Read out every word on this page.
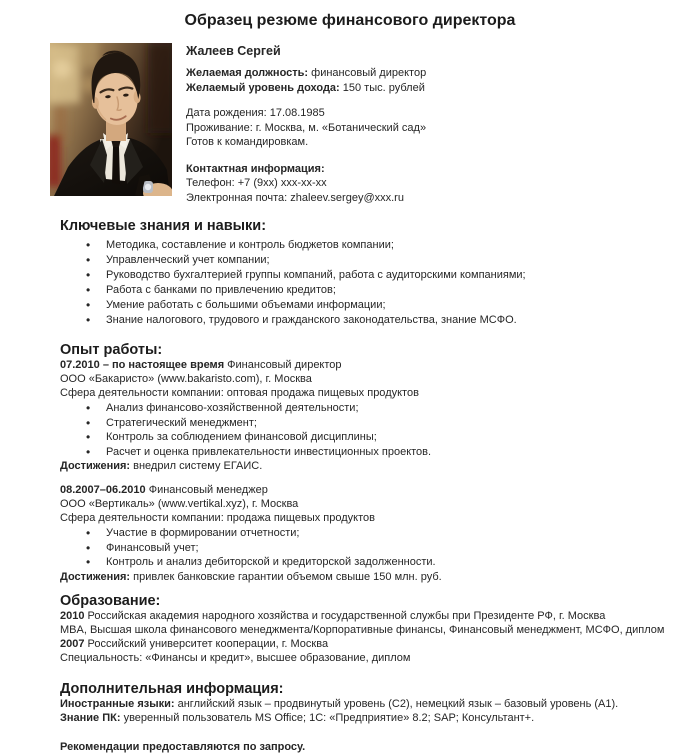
Образец резюме финансового директора
Жалеев Сергей
Желаемая должность: финансовый директор
Желаемый уровень дохода: 150 тыс. рублей
Дата рождения: 17.08.1985
Проживание: г. Москва, м. «Ботанический сад»
Готов к командировкам.
Контактная информация:
Телефон: +7 (9хх) ххх-хх-хх
Электронная почта: zhaleev.sergey@xxx.ru
Ключевые знания и навыки:
• Методика, составление и контроль бюджетов компании;
• Управленческий учет компании;
• Руководство бухгалтерией группы компаний, работа с аудиторскими компаниями;
• Работа с банками по привлечению кредитов;
• Умение работать с большими объемами информации;
• Знание налогового, трудового и гражданского законодательства, знание МСФО.
Опыт работы:
07.2010 – по настоящее время Финансовый директор
ООО «Бакаристо» (www.bakaristo.com), г. Москва
Сфера деятельности компании: оптовая продажа пищевых продуктов
• Анализ финансово-хозяйственной деятельности;
• Стратегический менеджмент;
• Контроль за соблюдением финансовой дисциплины;
• Расчет и оценка привлекательности инвестиционных проектов.
Достижения: внедрил систему ЕГАИС.
08.2007–06.2010 Финансовый менеджер
ООО «Вертикаль» (www.vertikal.xyz), г. Москва
Сфера деятельности компании: продажа пищевых продуктов
• Участие в формировании отчетности;
• Финансовый учет;
• Контроль и анализ дебиторской и кредиторской задолженности.
Достижения: привлек банковские гарантии объемом свыше 150 млн. руб.
Образование:
2010 Российская академия народного хозяйства и государственной службы при Президенте РФ, г. Москва
MBA, Высшая школа финансового менеджмента/Корпоративные финансы, Финансовый менеджмент, МСФО, диплом
2007 Российский университет кооперации, г. Москва
Специальность: «Финансы и кредит», высшее образование, диплом
Дополнительная информация:
Иностранные языки: английский язык – продвинутый уровень (C2), немецкий язык – базовый уровень (A1).
Знание ПК: уверенный пользователь MS Office; 1С: «Предприятие» 8.2; SAP; Консультант+.
Рекомендации предоставляются по запросу.
